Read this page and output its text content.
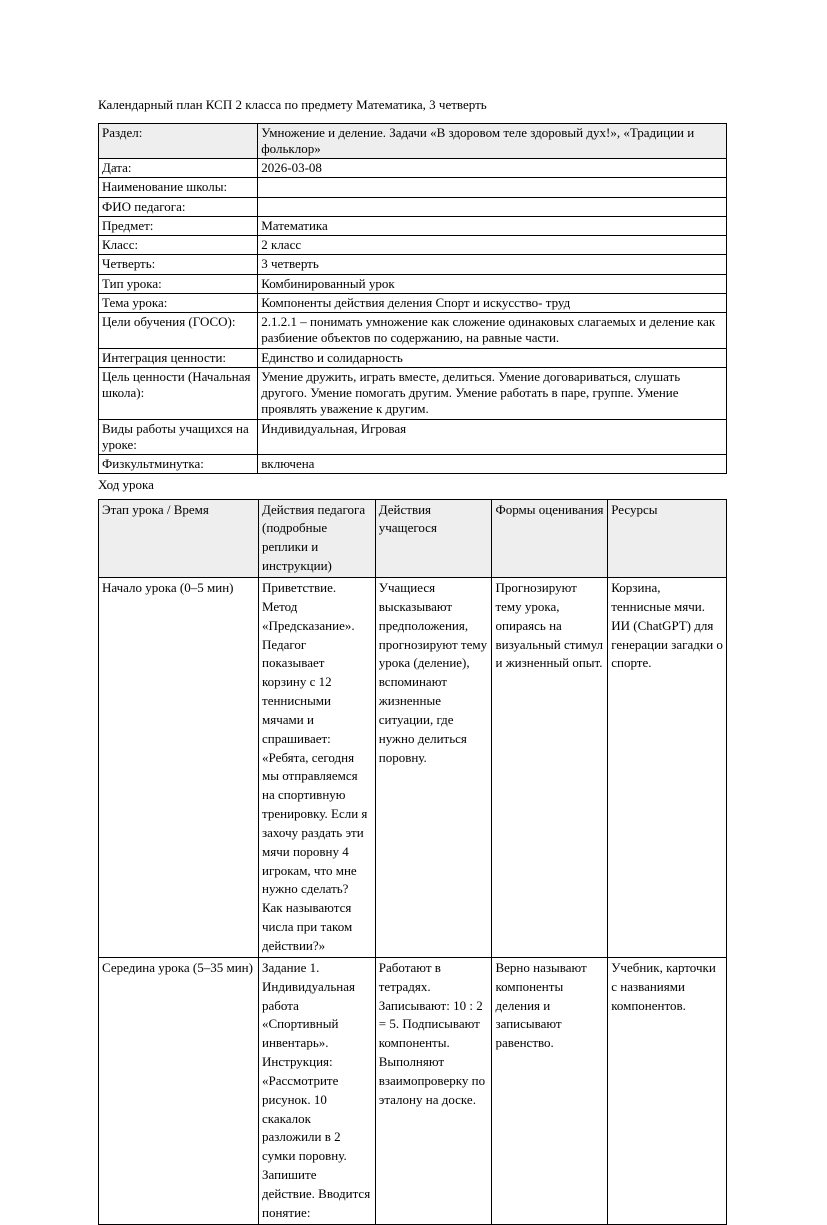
Календарный план КСП 2 класса по предмету Математика, 3 четверть

Раздел:	Умножение и деление. Задачи «В здоровом теле здоровый дух!», «Традиции и фольклор»
Дата:	2026-03-08
Наименование школы:	
ФИО педагога:	
Предмет:	Математика
Класс:	2 класс
Четверть:	3 четверть
Тип урока:	Комбинированный урок
Тема урока:	Компоненты действия деления Спорт и искусство- труд
Цели обучения (ГОСО):	2.1.2.1 – понимать умножение как сложение одинаковых слагаемых и деление как разбиение объектов по содержанию, на равные части.
Интеграция ценности:	Единство и солидарность
Цель ценности (Начальная школа):	Умение дружить, играть вместе, делиться. Умение договариваться, слушать другого. Умение помогать другим. Умение работать в паре, группе. Умение проявлять уважение к другим.
Виды работы учащихся на уроке:	Индивидуальная, Игровая
Физкультминутка:	включена

Ход урока

Этап урока / Время	Действия педагога (подробные реплики и инструкции)	Действия учащегося	Формы оценивания	Ресурсы
Начало урока (0–5 мин)	Приветствие. Метод «Предсказание». Педагог показывает корзину с 12 теннисными мячами и спрашивает: «Ребята, сегодня мы отправляемся на спортивную тренировку. Если я захочу раздать эти мячи поровну 4 игрокам, что мне нужно сделать? Как называются числа при таком действии?»	Учащиеся высказывают предположения, прогнозируют тему урока (деление), вспоминают жизненные ситуации, где нужно делиться поровну.	Прогнозируют тему урока, опираясь на визуальный стимул и жизненный опыт.	Корзина, теннисные мячи. ИИ (ChatGPT) для генерации загадки о спорте.
Середина урока (5–35 мин)	Задание 1. Индивидуальная работа «Спортивный инвентарь». Инструкция: «Рассмотрите рисунок. 10 скакалок разложили в 2 сумки поровну. Запишите действие. Вводится понятие:	Работают в тетрадях. Записывают: 10 : 2 = 5. Подписывают компоненты. Выполняют взаимопроверку по эталону на доске.	Верно называют компоненты деления и записывают равенство.	Учебник, карточки с названиями компонентов.
